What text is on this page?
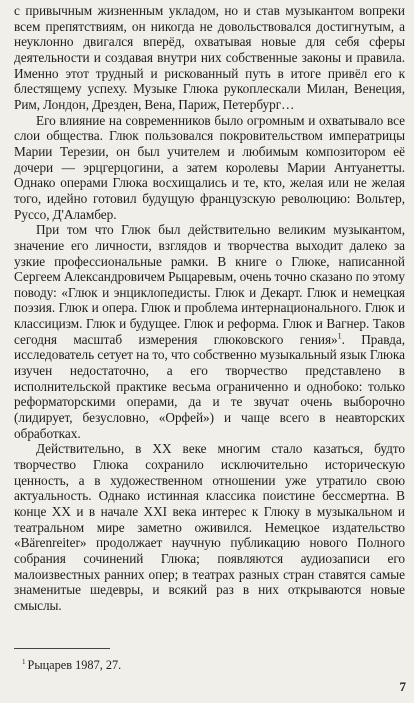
с привычным жизненным укладом, но и став музыкантом вопреки всем препятствиям, он никогда не довольствовался достигнутым, а неуклонно двигался вперёд, охватывая новые для себя сферы деятельности и создавая внутри них собственные законы и правила. Именно этот трудный и рискованный путь в итоге привёл его к блестящему успеху. Музыке Глюка рукоплескали Милан, Венеция, Рим, Лондон, Дрезден, Вена, Париж, Петербург…

Его влияние на современников было огромным и охватывало все слои общества. Глюк пользовался покровительством императрицы Марии Терезии, он был учителем и любимым композитором её дочери — эрцгерцогини, а затем королевы Марии Антуанетты. Однако операми Глюка восхищались и те, кто, желая или не желая того, идейно готовил будущую французскую революцию: Вольтер, Руссо, Д'Аламбер.

При том что Глюк был действительно великим музыкантом, значение его личности, взглядов и творчества выходит далеко за узкие профессиональные рамки. В книге о Глюке, написанной Сергеем Александровичем Рыцаревым, очень точно сказано по этому поводу: «Глюк и энциклопедисты. Глюк и Декарт. Глюк и немецкая поэзия. Глюк и опера. Глюк и проблема интернационального. Глюк и классицизм. Глюк и будущее. Глюк и реформа. Глюк и Вагнер. Таков сегодня масштаб измерения глюковского гения»$^1$. Правда, исследователь сетует на то, что собственно музыкальный язык Глюка изучен недостаточно, а его творчество представлено в исполнительской практике весьма ограниченно и однобоко: только реформаторскими операми, да и те звучат очень выборочно (лидирует, безусловно, «Орфей») и чаще всего в неавторских обработках.

Действительно, в XX веке многим стало казаться, будто творчество Глюка сохранило исключительно историческую ценность, а в художественном отношении уже утратило свою актуальность. Однако истинная классика поистине бессмертна. В конце XX и в начале XXI века интерес к Глюку в музыкальном и театральном мире заметно оживился. Немецкое издательство «Bärenreiter» продолжает научную публикацию нового Полного собрания сочинений Глюка; появляются аудиозаписи его малоизвестных ранних опер; в театрах разных стран ставятся самые знаменитые шедевры, и всякий раз в них открываются новые смыслы.

$^1$ Рыцарев 1987, 27.
7
